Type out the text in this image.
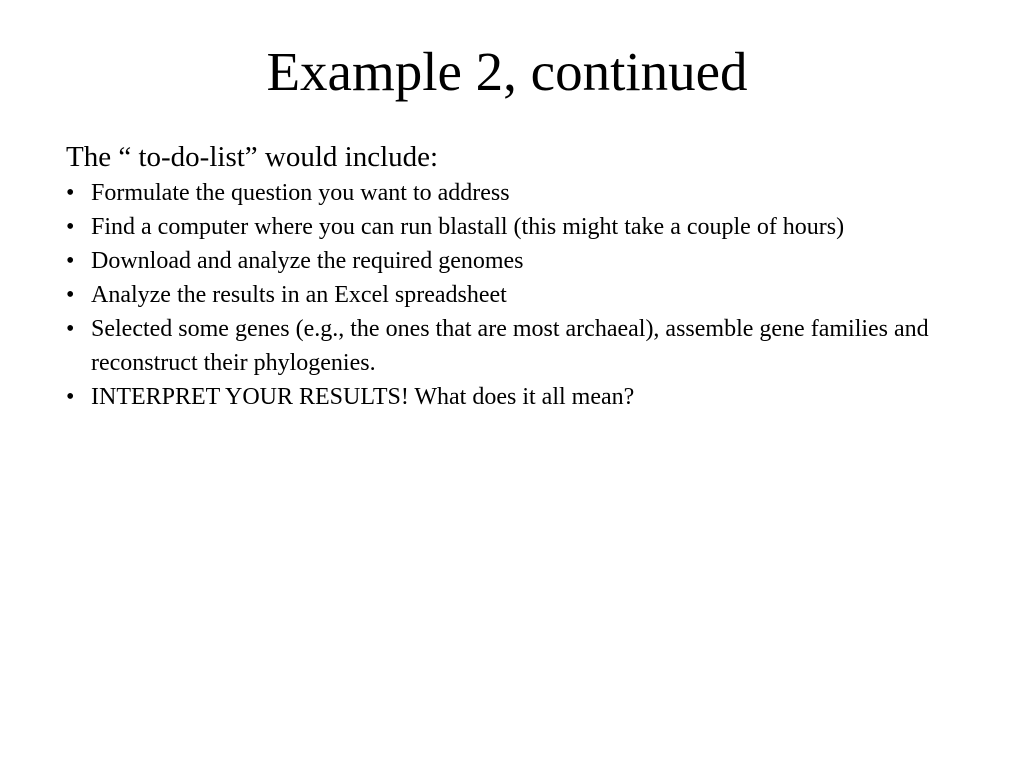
Example 2, continued

The “ to-do-list” would include:

• Formulate the question you want to address
• Find a computer where you can run blastall (this might take a couple of hours)
• Download and analyze the required genomes
• Analyze the results in an Excel spreadsheet
• Selected some genes (e.g., the ones that are most archaeal), assemble gene families and reconstruct their phylogenies.
• INTERPRET YOUR RESULTS! What does it all mean?
